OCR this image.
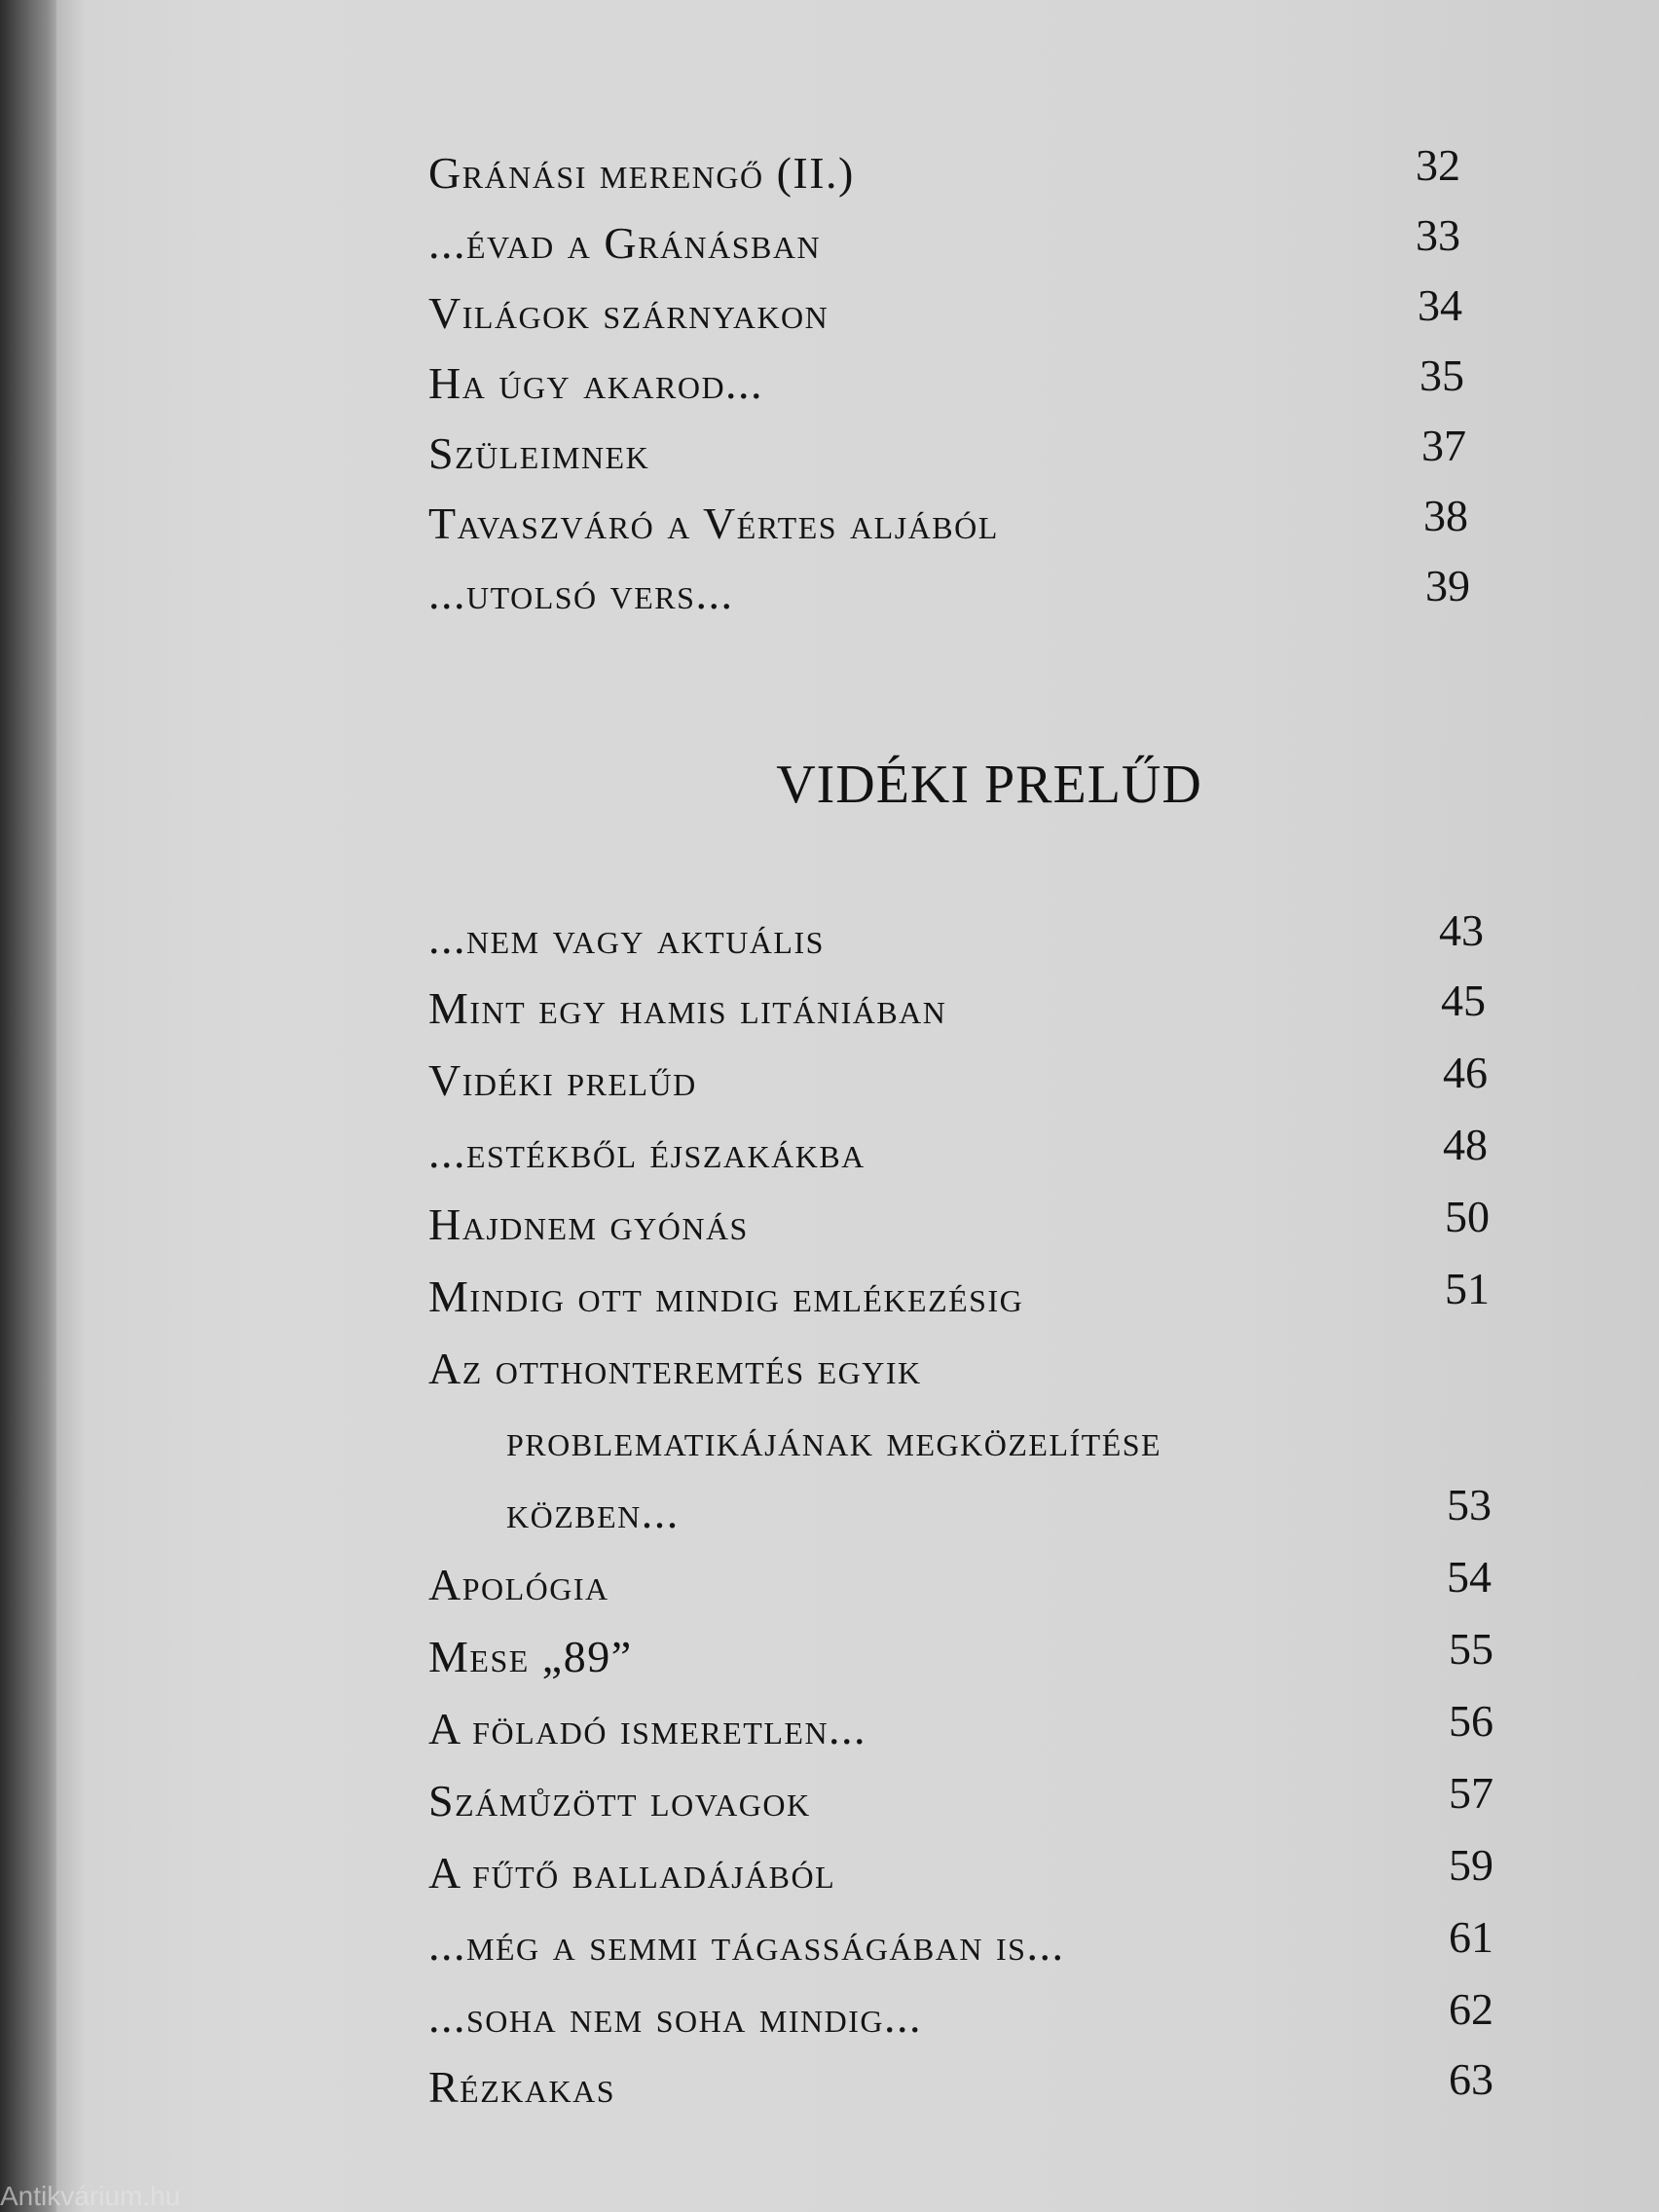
Gránási merengő (II.)	32
...évad a Gránásban	33
Világok szárnyakon	34
Ha úgy akarod...	35
Szüleimnek	37
Tavaszváró a Vértes aljából	38
...utolsó vers...	39
VIDÉKI PRELŰD
...nem vagy aktuális	43
Mint egy hamis litániában	45
Vidéki prelűd	46
...estékből éjszakákba	48
Hajdnem gyónás	50
Mindig ott mindig emlékezésig	51
Az otthonteremtés egyik
problematikájának megközelítése
közben...	53
Apológia	54
Mese „89”	55
A föladó ismeretlen...	56
Számůzött lovagok	57
A fűtő balladájából	59
...még a semmi tágasságában is...	61
...soha nem soha mindig...	62
Rézkakas	63
Antikvárium.hu
